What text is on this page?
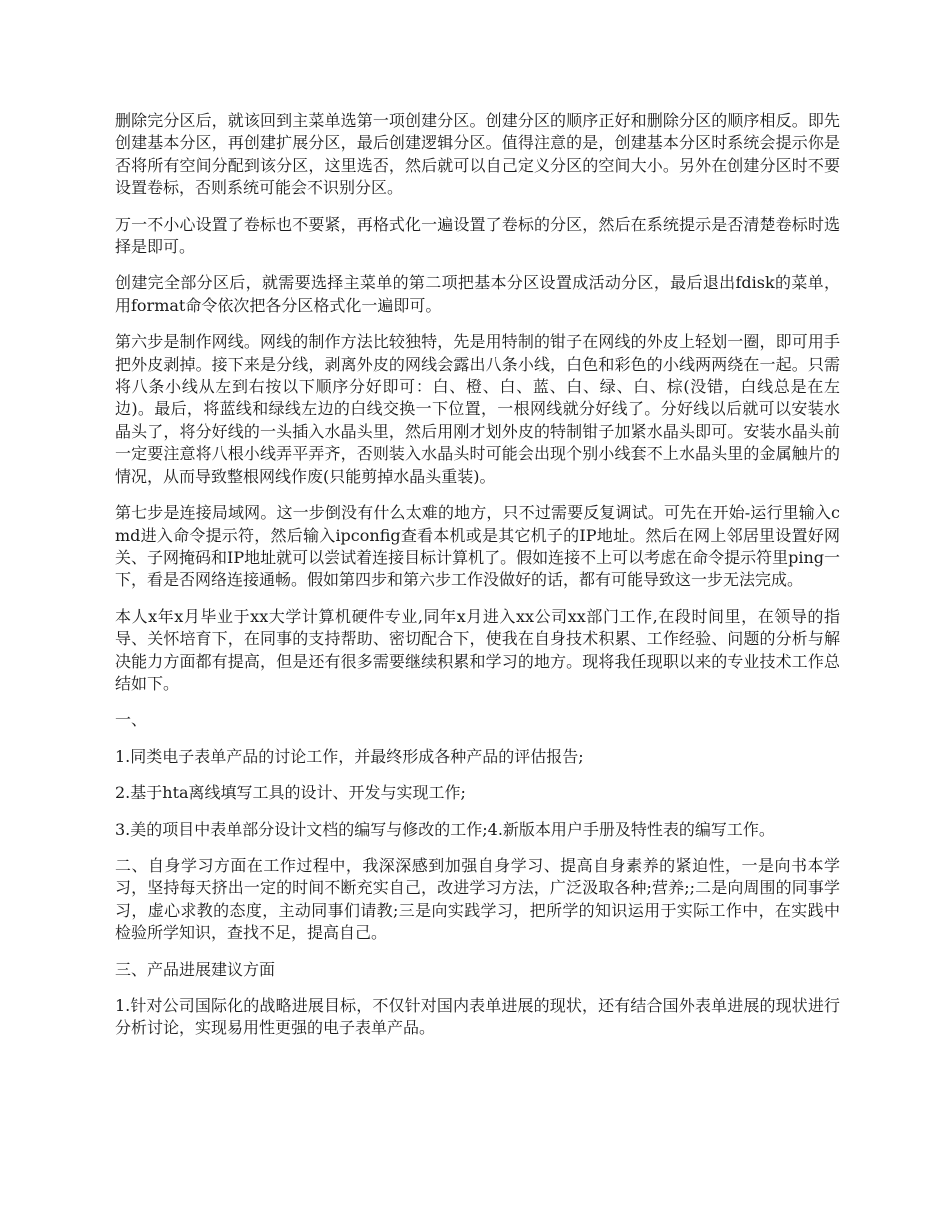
删除完分区后，就该回到主菜单选第一项创建分区。创建分区的顺序正好和删除分区的顺序相反。即先创建基本分区，再创建扩展分区，最后创建逻辑分区。值得注意的是，创建基本分区时系统会提示你是否将所有空间分配到该分区，这里选否，然后就可以自己定义分区的空间大小。另外在创建分区时不要设置卷标，否则系统可能会不识别分区。

万一不小心设置了卷标也不要紧，再格式化一遍设置了卷标的分区，然后在系统提示是否清楚卷标时选择是即可。

创建完全部分区后，就需要选择主菜单的第二项把基本分区设置成活动分区，最后退出fdisk的菜单，用format命令依次把各分区格式化一遍即可。

第六步是制作网线。网线的制作方法比较独特，先是用特制的钳子在网线的外皮上轻划一圈，即可用手把外皮剥掉。接下来是分线，剥离外皮的网线会露出八条小线，白色和彩色的小线两两绕在一起。只需将八条小线从左到右按以下顺序分好即可：白、橙、白、蓝、白、绿、白、棕(没错，白线总是在左边)。最后，将蓝线和绿线左边的白线交换一下位置，一根网线就分好线了。分好线以后就可以安装水晶头了，将分好线的一头插入水晶头里，然后用刚才划外皮的特制钳子加紧水晶头即可。安装水晶头前一定要注意将八根小线弄平弄齐，否则装入水晶头时可能会出现个别小线套不上水晶头里的金属触片的情况，从而导致整根网线作废(只能剪掉水晶头重装)。

第七步是连接局域网。这一步倒没有什么太难的地方，只不过需要反复调试。可先在开始-运行里输入cmd进入命令提示符，然后输入ipconfig查看本机或是其它机子的IP地址。然后在网上邻居里设置好网关、子网掩码和IP地址就可以尝试着连接目标计算机了。假如连接不上可以考虑在命令提示符里ping一下，看是否网络连接通畅。假如第四步和第六步工作没做好的话，都有可能导致这一步无法完成。

本人x年x月毕业于xx大学计算机硬件专业,同年x月进入xx公司xx部门工作,在段时间里，在领导的指导、关怀培育下，在同事的支持帮助、密切配合下，使我在自身技术积累、工作经验、问题的分析与解决能力方面都有提高，但是还有很多需要继续积累和学习的地方。现将我任现职以来的专业技术工作总结如下。

一、

1.同类电子表单产品的讨论工作，并最终形成各种产品的评估报告;

2.基于hta离线填写工具的设计、开发与实现工作;

3.美的项目中表单部分设计文档的编写与修改的工作;4.新版本用户手册及特性表的编写工作。

二、自身学习方面在工作过程中，我深深感到加强自身学习、提高自身素养的紧迫性，一是向书本学习，坚持每天挤出一定的时间不断充实自己，改进学习方法，广泛汲取各种;营养;;二是向周围的同事学习，虚心求教的态度，主动同事们请教;三是向实践学习，把所学的知识运用于实际工作中，在实践中检验所学知识，查找不足，提高自己。

三、产品进展建议方面

1.针对公司国际化的战略进展目标，不仅针对国内表单进展的现状，还有结合国外表单进展的现状进行分析讨论，实现易用性更强的电子表单产品。
